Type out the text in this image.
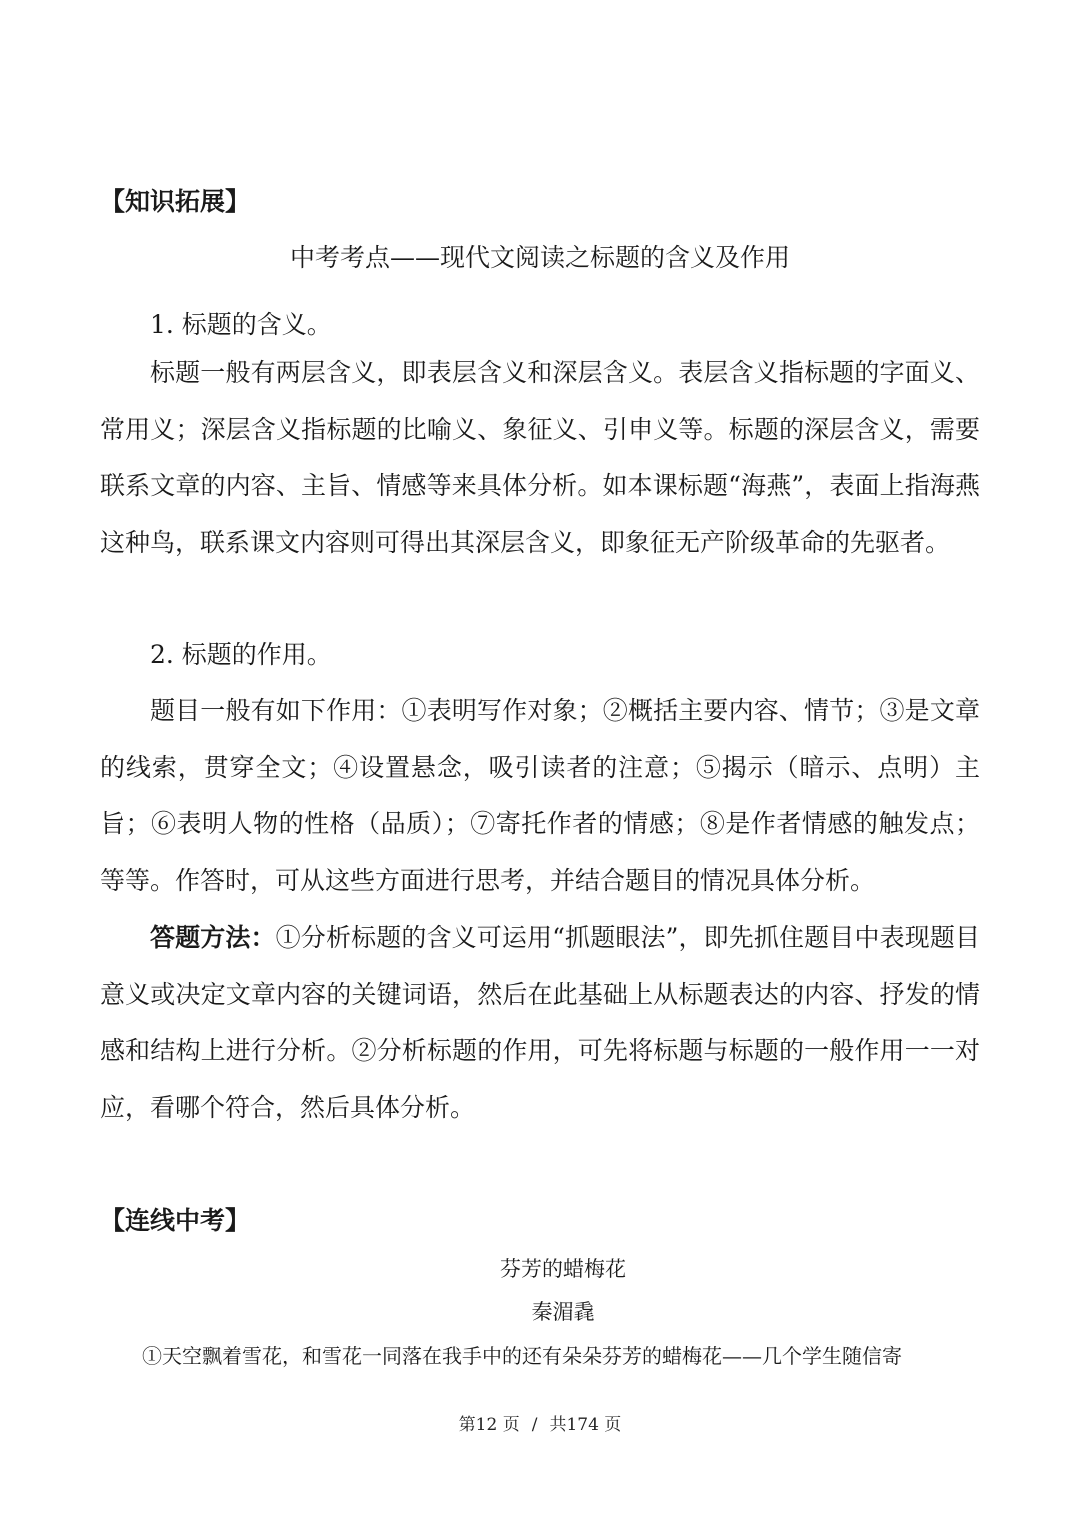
【知识拓展】
中考考点——现代文阅读之标题的含义及作用

1. 标题的含义。

标题一般有两层含义，即表层含义和深层含义。表层含义指标题的字面义、常用义；深层含义指标题的比喻义、象征义、引申义等。标题的深层含义，需要联系文章的内容、主旨、情感等来具体分析。如本课标题“海燕”，表面上指海燕这种鸟，联系课文内容则可得出其深层含义，即象征无产阶级革命的先驱者。

2. 标题的作用。

题目一般有如下作用：①表明写作对象；②概括主要内容、情节；③是文章的线索，贯穿全文；④设置悬念，吸引读者的注意；⑤揭示（暗示、点明）主旨；⑥表明人物的性格（品质）；⑦寄托作者的情感；⑧是作者情感的触发点；等等。作答时，可从这些方面进行思考，并结合题目的情况具体分析。

答题方法：①分析标题的含义可运用“抓题眼法”，即先抓住题目中表现题目意义或决定文章内容的关键词语，然后在此基础上从标题表达的内容、抒发的情感和结构上进行分析。②分析标题的作用，可先将标题与标题的一般作用一一对应，看哪个符合，然后具体分析。

【连线中考】
芬芳的蜡梅花

秦湄毳

①天空飘着雪花，和雪花一同落在我手中的还有朵朵芬芳的蜡梅花——几个学生随信寄

第12 页 / 共174 页
